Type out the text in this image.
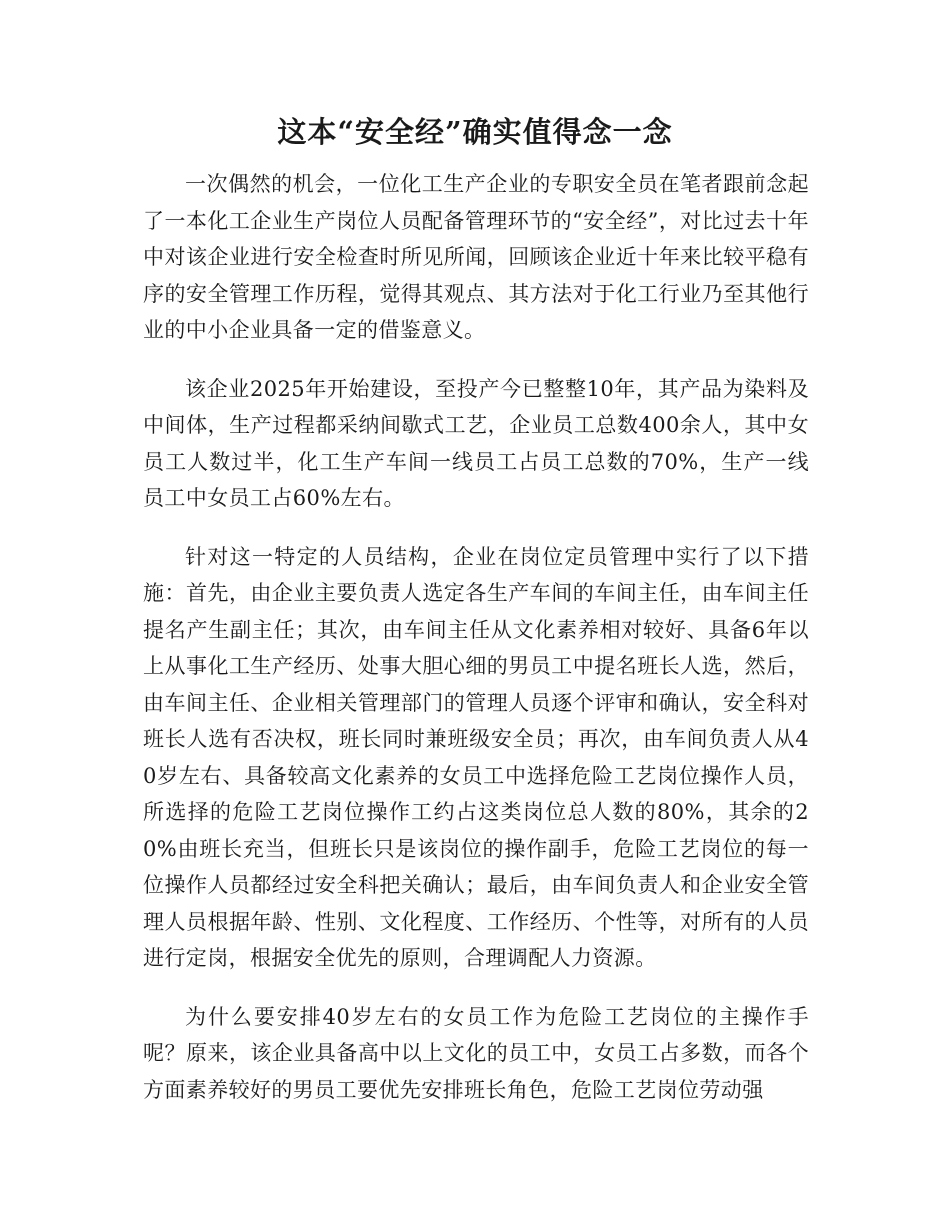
这本“安全经”确实值得念一念

一次偶然的机会，一位化工生产企业的专职安全员在笔者跟前念起了一本化工企业生产岗位人员配备管理环节的“安全经”，对比过去十年中对该企业进行安全检查时所见所闻，回顾该企业近十年来比较平稳有序的安全管理工作历程，觉得其观点、其方法对于化工行业乃至其他行业的中小企业具备一定的借鉴意义。

该企业2025年开始建设，至投产今已整整10年，其产品为染料及中间体，生产过程都采纳间歇式工艺，企业员工总数400余人，其中女员工人数过半，化工生产车间一线员工占员工总数的70%，生产一线员工中女员工占60%左右。

针对这一特定的人员结构，企业在岗位定员管理中实行了以下措施：首先，由企业主要负责人选定各生产车间的车间主任，由车间主任提名产生副主任；其次，由车间主任从文化素养相对较好、具备6年以上从事化工生产经历、处事大胆心细的男员工中提名班长人选，然后，由车间主任、企业相关管理部门的管理人员逐个评审和确认，安全科对班长人选有否决权，班长同时兼班级安全员；再次，由车间负责人从40岁左右、具备较高文化素养的女员工中选择危险工艺岗位操作人员，所选择的危险工艺岗位操作工约占这类岗位总人数的80%，其余的20%由班长充当，但班长只是该岗位的操作副手，危险工艺岗位的每一位操作人员都经过安全科把关确认；最后，由车间负责人和企业安全管理人员根据年龄、性别、文化程度、工作经历、个性等，对所有的人员进行定岗，根据安全优先的原则，合理调配人力资源。

为什么要安排40岁左右的女员工作为危险工艺岗位的主操作手呢？原来，该企业具备高中以上文化的员工中，女员工占多数，而各个方面素养较好的男员工要优先安排班长角色，危险工艺岗位劳动强
